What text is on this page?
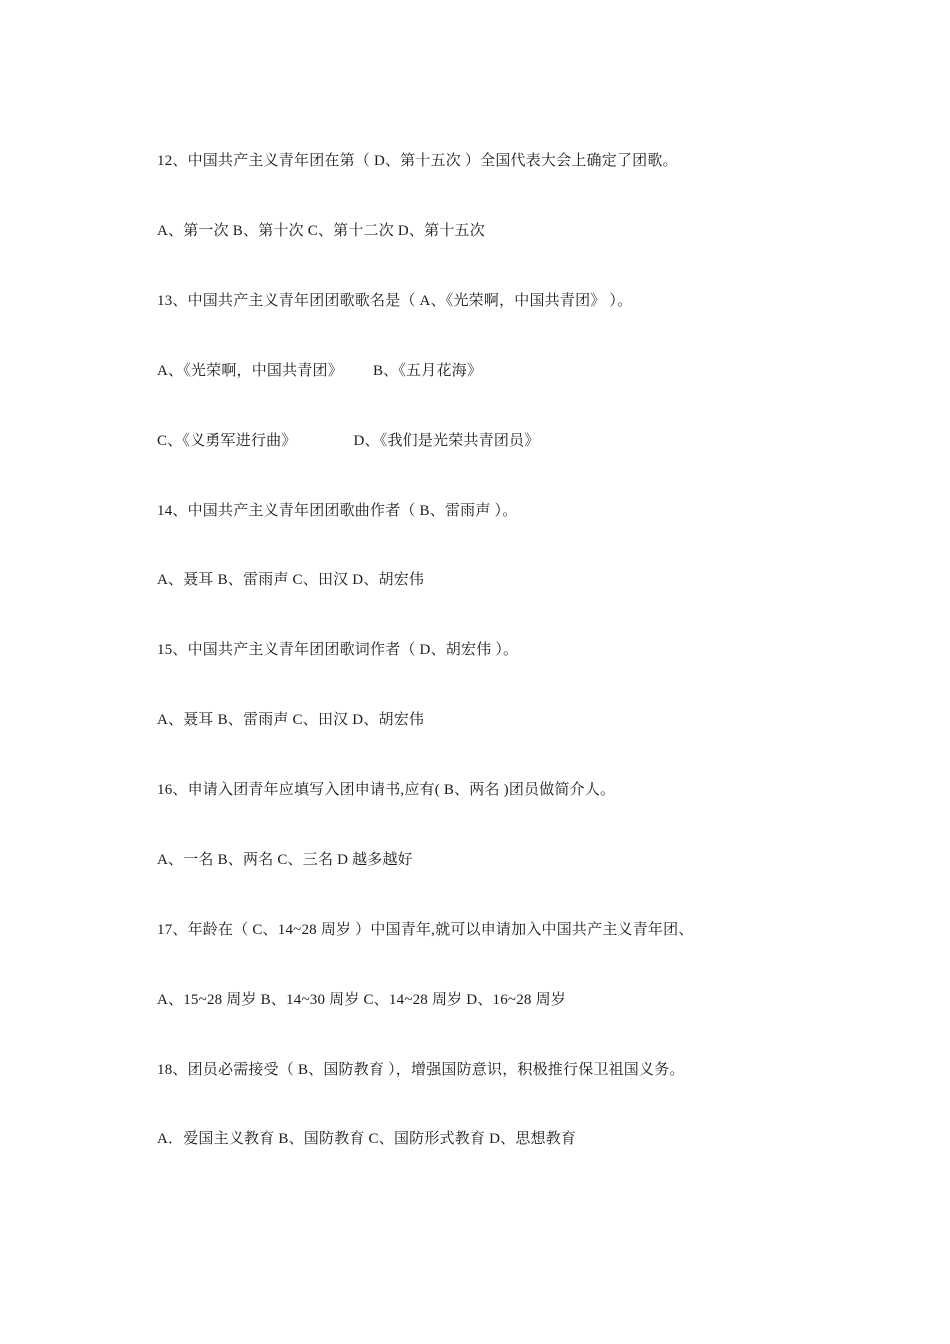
12、中国共产主义青年团在第（ D、第十五次 ）全国代表大会上确定了团歌。
A、第一次 B、第十次 C、第十二次 D、第十五次
13、中国共产主义青年团团歌歌名是（ A、《光荣啊，中国共青团》 ）。
A、《光荣啊，中国共青团》 B、《五月花海》
C、《义勇军进行曲》	D、《我们是光荣共青团员》
14、中国共产主义青年团团歌曲作者（ B、雷雨声 ）。
A、聂耳 B、雷雨声 C、田汉 D、胡宏伟
15、中国共产主义青年团团歌词作者（ D、胡宏伟 ）。
A、聂耳 B、雷雨声 C、田汉 D、胡宏伟
16、申请入团青年应填写入团申请书,应有( B、两名 )团员做简介人。
A、一名 B、两名 C、三名 D 越多越好
17、年龄在（ C、14~28 周岁 ）中国青年,就可以申请加入中国共产主义青年团、
A、15~28 周岁 B、14~30 周岁 C、14~28 周岁 D、16~28 周岁
18、团员必需接受（ B、国防教育 ），增强国防意识，积极推行保卫祖国义务。
A．爱国主义教育 B、国防教育 C、国防形式教育 D、思想教育
